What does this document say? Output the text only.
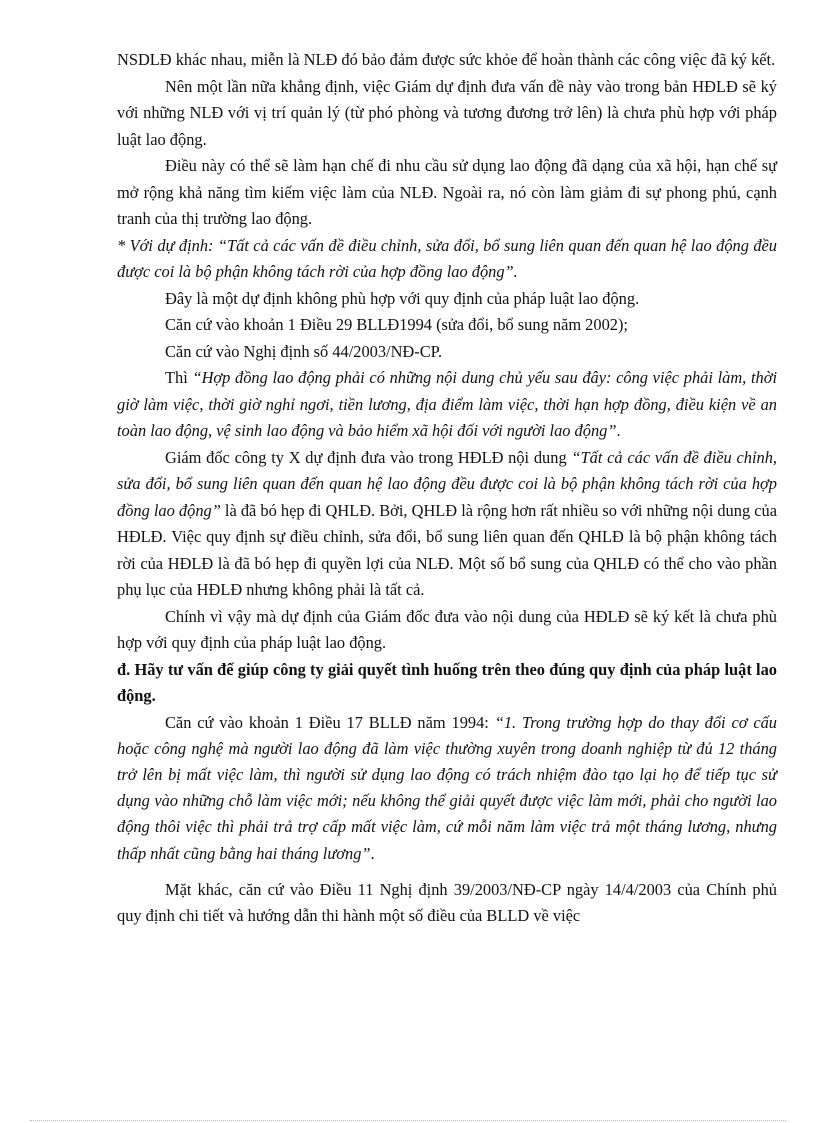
NSDLĐ khác nhau, miễn là NLĐ đó bảo đảm được sức khỏe để hoàn thành các công việc đã ký kết.

Nên một lần nữa khẳng định, việc Giám dự định đưa vấn đề này vào trong bản HĐLĐ sẽ ký với những NLĐ với vị trí quản lý (từ phó phòng và tương đương trở lên) là chưa phù hợp với pháp luật lao động.

Điều này có thể sẽ làm hạn chế đi nhu cầu sử dụng lao động đã dạng của xã hội, hạn chế sự mở rộng khả năng tìm kiếm việc làm của NLĐ. Ngoài ra, nó còn làm giảm đi sự phong phú, cạnh tranh của thị trường lao động.

* Với dự định: “Tất cả các vấn đề điều chỉnh, sửa đổi, bổ sung liên quan đến quan hệ lao động đều được coi là bộ phận không tách rời của hợp đồng lao động”.

Đây là một dự định không phù hợp với quy định của pháp luật lao động.

Căn cứ vào khoản 1 Điều 29 BLLĐ1994 (sửa đổi, bổ sung năm 2002);

Căn cứ vào Nghị định số 44/2003/NĐ-CP.

Thì “Hợp đồng lao động phải có những nội dung chủ yếu sau đây: công việc phải làm, thời giờ làm việc, thời giờ nghỉ ngơi, tiền lương, địa điểm làm việc, thời hạn hợp đồng, điều kiện về an toàn lao động, vệ sinh lao động và bảo hiểm xã hội đối với người lao động”.

Giám đốc công ty X dự định đưa vào trong HĐLĐ nội dung “Tất cả các vấn đề điều chỉnh, sửa đổi, bổ sung liên quan đến quan hệ lao động đều được coi là bộ phận không tách rời của hợp đồng lao động” là đã bó hẹp đi QHLĐ. Bởi, QHLĐ là rộng hơn rất nhiều so với những nội dung của HĐLĐ. Việc quy định sự điều chỉnh, sửa đổi, bổ sung liên quan đến QHLĐ là bộ phận không tách rời của HĐLĐ là đã bó hẹp đi quyền lợi của NLĐ. Một số bổ sung của QHLĐ có thể cho vào phần phụ lục của HĐLĐ nhưng không phải là tất cả.

Chính vì vậy mà dự định của Giám đốc đưa vào nội dung của HĐLĐ sẽ ký kết là chưa phù hợp với quy định của pháp luật lao động.

đ. Hãy tư vấn để giúp công ty giải quyết tình huống trên theo đúng quy định của pháp luật lao động.

Căn cứ vào khoản 1 Điều 17 BLLĐ năm 1994: “1. Trong trường hợp do thay đổi cơ cấu hoặc công nghệ mà người lao động đã làm việc thường xuyên trong doanh nghiệp từ đủ 12 tháng trở lên bị mất việc làm, thì người sử dụng lao động có trách nhiệm đào tạo lại họ để tiếp tục sử dụng vào những chỗ làm việc mới; nếu không thể giải quyết được việc làm mới, phải cho người lao động thôi việc thì phải trả trợ cấp mất việc làm, cứ mỗi năm làm việc trả một tháng lương, nhưng thấp nhất cũng bằng hai tháng lương”.

Mặt khác, căn cứ vào Điều 11 Nghị định 39/2003/NĐ-CP ngày 14/4/2003 của Chính phủ quy định chi tiết và hướng dẫn thi hành một số điều của BLLD về việc
